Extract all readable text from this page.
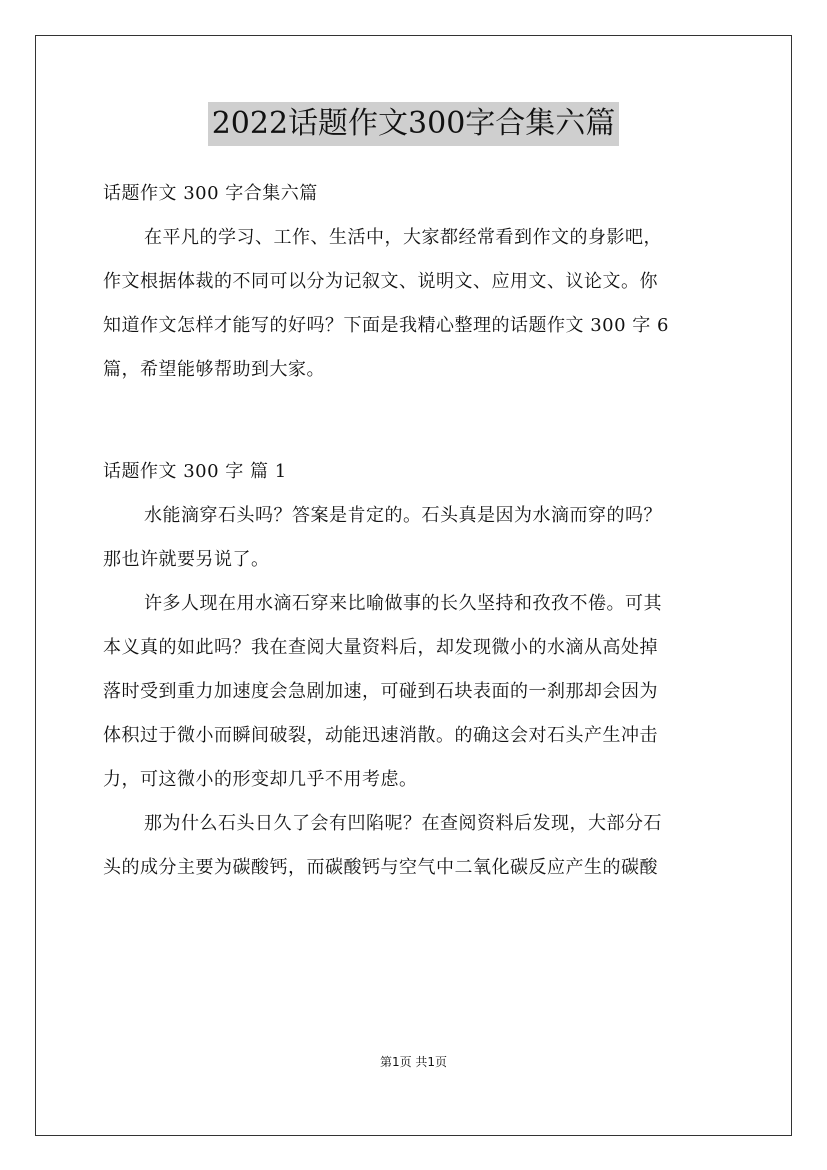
2022话题作文300字合集六篇
话题作文 300 字合集六篇
在平凡的学习、工作、生活中，大家都经常看到作文的身影吧，
作文根据体裁的不同可以分为记叙文、说明文、应用文、议论文。你
知道作文怎样才能写的好吗？下面是我精心整理的话题作文 300 字 6
篇，希望能够帮助到大家。
话题作文 300 字 篇 1
水能滴穿石头吗？答案是肯定的。石头真是因为水滴而穿的吗？
那也许就要另说了。
许多人现在用水滴石穿来比喻做事的长久坚持和孜孜不倦。可其
本义真的如此吗？我在查阅大量资料后，却发现微小的水滴从高处掉
落时受到重力加速度会急剧加速，可碰到石块表面的一刹那却会因为
体积过于微小而瞬间破裂，动能迅速消散。的确这会对石头产生冲击
力，可这微小的形变却几乎不用考虑。
那为什么石头日久了会有凹陷呢？在查阅资料后发现，大部分石
头的成分主要为碳酸钙，而碳酸钙与空气中二氧化碳反应产生的碳酸
第1页 共1页
